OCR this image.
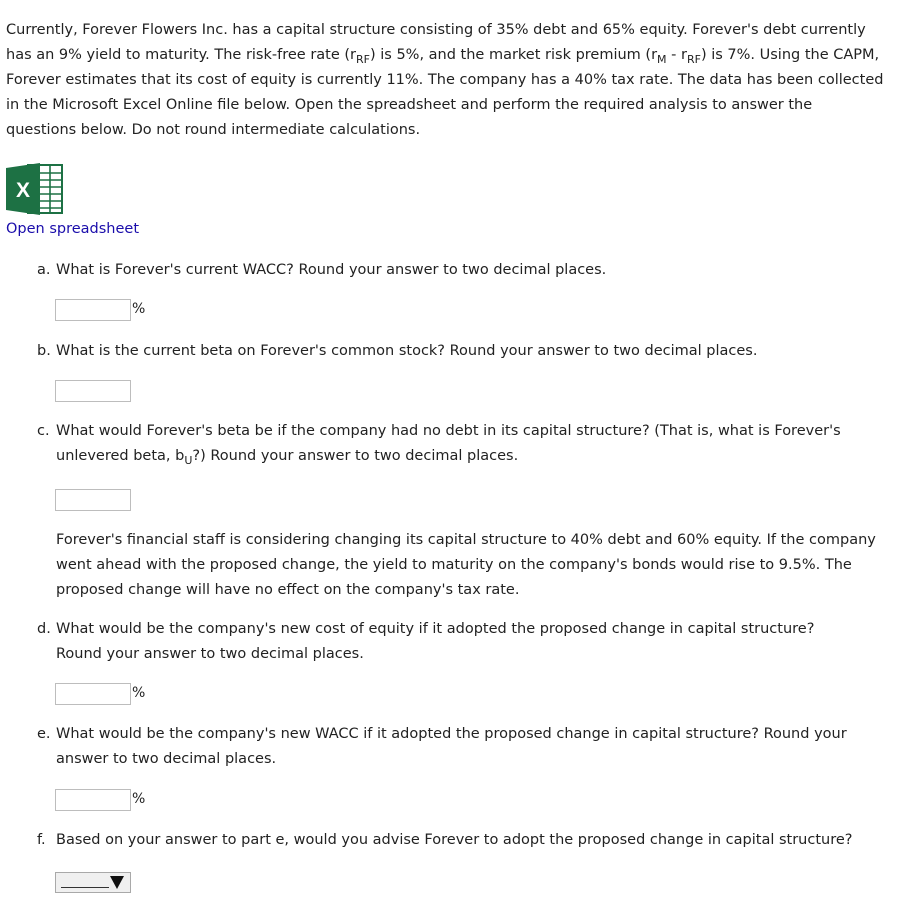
Currently, Forever Flowers Inc. has a capital structure consisting of 35% debt and 65% equity. Forever's debt currently has an 9% yield to maturity. The risk-free rate $(r_{RF})$ is 5%, and the market risk premium $(r_M - r_{RF})$ is 7%. Using the CAPM, Forever estimates that its cost of equity is currently 11%. The company has a 40% tax rate. The data has been collected in the Microsoft Excel Online file below. Open the spreadsheet and perform the required analysis to answer the questions below. Do not round intermediate calculations.

X
Open spreadsheet

a. What is Forever's current WACC? Round your answer to two decimal places.

%

b. What is the current beta on Forever's common stock? Round your answer to two decimal places.

c. What would Forever's beta be if the company had no debt in its capital structure? (That is, what is Forever's
unlevered beta, $b_U$?) Round your answer to two decimal places.

Forever's financial staff is considering changing its capital structure to 40% debt and 60% equity. If the company went ahead with the proposed change, the yield to maturity on the company's bonds would rise to 9.5%. The proposed change will have no effect on the company's tax rate.

d. What would be the company's new cost of equity if it adopted the proposed change in capital structure?
Round your answer to two decimal places.

%

e. What would be the company's new WACC if it adopted the proposed change in capital structure? Round your
answer to two decimal places.

%

f. Based on your answer to part e, would you advise Forever to adopt the proposed change in capital structure?
